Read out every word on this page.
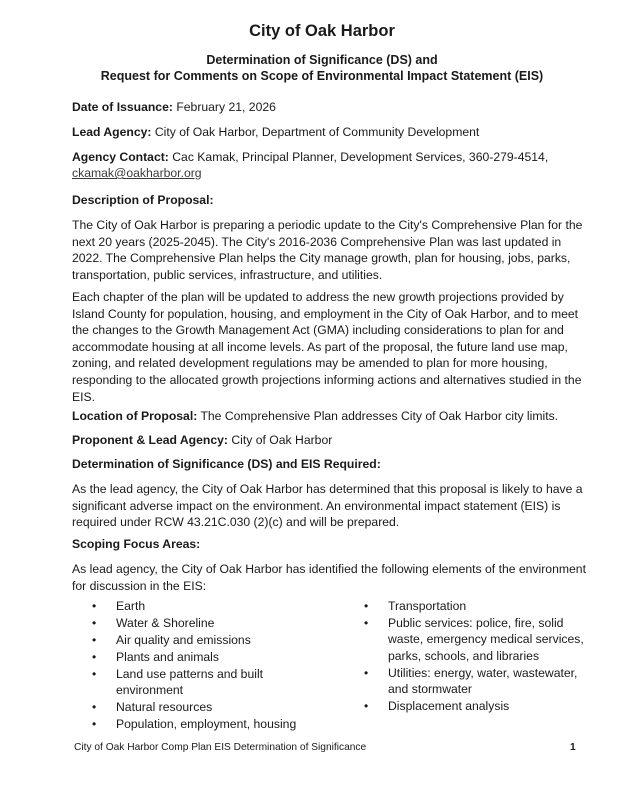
City of Oak Harbor
Determination of Significance (DS) and
Request for Comments on Scope of Environmental Impact Statement (EIS)
Date of Issuance: February 21, 2026
Lead Agency: City of Oak Harbor, Department of Community Development
Agency Contact: Cac Kamak, Principal Planner, Development Services, 360-279-4514,
ckamak@oakharbor.org
Description of Proposal:
The City of Oak Harbor is preparing a periodic update to the City's Comprehensive Plan for the
next 20 years (2025-2045). The City's 2016-2036 Comprehensive Plan was last updated in
2022. The Comprehensive Plan helps the City manage growth, plan for housing, jobs, parks,
transportation, public services, infrastructure, and utilities.
Each chapter of the plan will be updated to address the new growth projections provided by
Island County for population, housing, and employment in the City of Oak Harbor, and to meet
the changes to the Growth Management Act (GMA) including considerations to plan for and
accommodate housing at all income levels. As part of the proposal, the future land use map,
zoning, and related development regulations may be amended to plan for more housing,
responding to the allocated growth projections informing actions and alternatives studied in the
EIS.
Location of Proposal: The Comprehensive Plan addresses City of Oak Harbor city limits.
Proponent & Lead Agency: City of Oak Harbor
Determination of Significance (DS) and EIS Required:
As the lead agency, the City of Oak Harbor has determined that this proposal is likely to have a
significant adverse impact on the environment. An environmental impact statement (EIS) is
required under RCW 43.21C.030 (2)(c) and will be prepared.
Scoping Focus Areas:
As lead agency, the City of Oak Harbor has identified the following elements of the environment
for discussion in the EIS:
• Earth
• Water & Shoreline
• Air quality and emissions
• Plants and animals
• Land use patterns and built
environment
• Natural resources
• Population, employment, housing
• Transportation
• Public services: police, fire, solid
waste, emergency medical services,
parks, schools, and libraries
• Utilities: energy, water, wastewater,
and stormwater
• Displacement analysis
City of Oak Harbor Comp Plan EIS Determination of Significance	1
